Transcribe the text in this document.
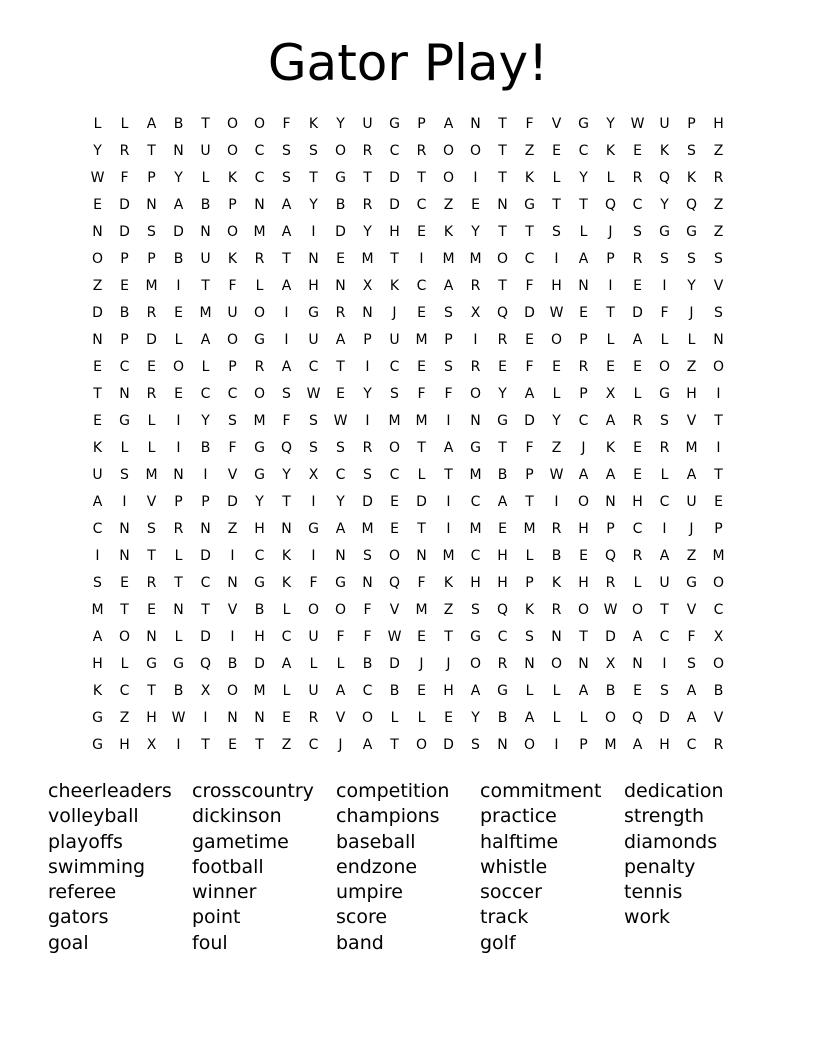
Gator Play!
L	L	A	B	T	O	O	F	K	Y	U	G	P	A	N	T	F	V	G	Y	W	U	P	H
Y	R	T	N	U	O	C	S	S	O	R	C	R	O	O	T	Z	E	C	K	E	K	S	Z
W	F	P	Y	L	K	C	S	T	G	T	D	T	O	I	T	K	L	Y	L	R	Q	K	R
E	D	N	A	B	P	N	A	Y	B	R	D	C	Z	E	N	G	T	T	Q	C	Y	Q	Z
N	D	S	D	N	O	M	A	I	D	Y	H	E	K	Y	T	T	S	L	J	S	G	G	Z
O	P	P	B	U	K	R	T	N	E	M	T	I	M	M	O	C	I	A	P	R	S	S	S
Z	E	M	I	T	F	L	A	H	N	X	K	C	A	R	T	F	H	N	I	E	I	Y	V
D	B	R	E	M	U	O	I	G	R	N	J	E	S	X	Q	D	W	E	T	D	F	J	S
N	P	D	L	A	O	G	I	U	A	P	U	M	P	I	R	E	O	P	L	A	L	L	N
E	C	E	O	L	P	R	A	C	T	I	C	E	S	R	E	F	E	R	E	E	O	Z	O
T	N	R	E	C	C	O	S	W	E	Y	S	F	F	O	Y	A	L	P	X	L	G	H	I
E	G	L	I	Y	S	M	F	S	W	I	M	M	I	N	G	D	Y	C	A	R	S	V	T
K	L	L	I	B	F	G	Q	S	S	R	O	T	A	G	T	F	Z	J	K	E	R	M	I
U	S	M	N	I	V	G	Y	X	C	S	C	L	T	M	B	P	W	A	A	E	L	A	T
A	I	V	P	P	D	Y	T	I	Y	D	E	D	I	C	A	T	I	O	N	H	C	U	E
C	N	S	R	N	Z	H	N	G	A	M	E	T	I	M	E	M	R	H	P	C	I	J	P
I	N	T	L	D	I	C	K	I	N	S	O	N	M	C	H	L	B	E	Q	R	A	Z	M
S	E	R	T	C	N	G	K	F	G	N	Q	F	K	H	H	P	K	H	R	L	U	G	O
M	T	E	N	T	V	B	L	O	O	F	V	M	Z	S	Q	K	R	O	W	O	T	V	C
A	O	N	L	D	I	H	C	U	F	F	W	E	T	G	C	S	N	T	D	A	C	F	X
H	L	G	G	Q	B	D	A	L	L	B	D	J	J	O	R	N	O	N	X	N	I	S	O
K	C	T	B	X	O	M	L	U	A	C	B	E	H	A	G	L	L	A	B	E	S	A	B
G	Z	H	W	I	N	N	E	R	V	O	L	L	E	Y	B	A	L	L	O	Q	D	A	V
G	H	X	I	T	E	T	Z	C	J	A	T	O	D	S	N	O	I	P	M	A	H	C	R
cheerleaders
volleyball
playoffs
swimming
referee
gators
goal
crosscountry
dickinson
gametime
football
winner
point
foul
competition
champions
baseball
endzone
umpire
score
band
commitment
practice
halftime
whistle
soccer
track
golf
dedication
strength
diamonds
penalty
tennis
work
